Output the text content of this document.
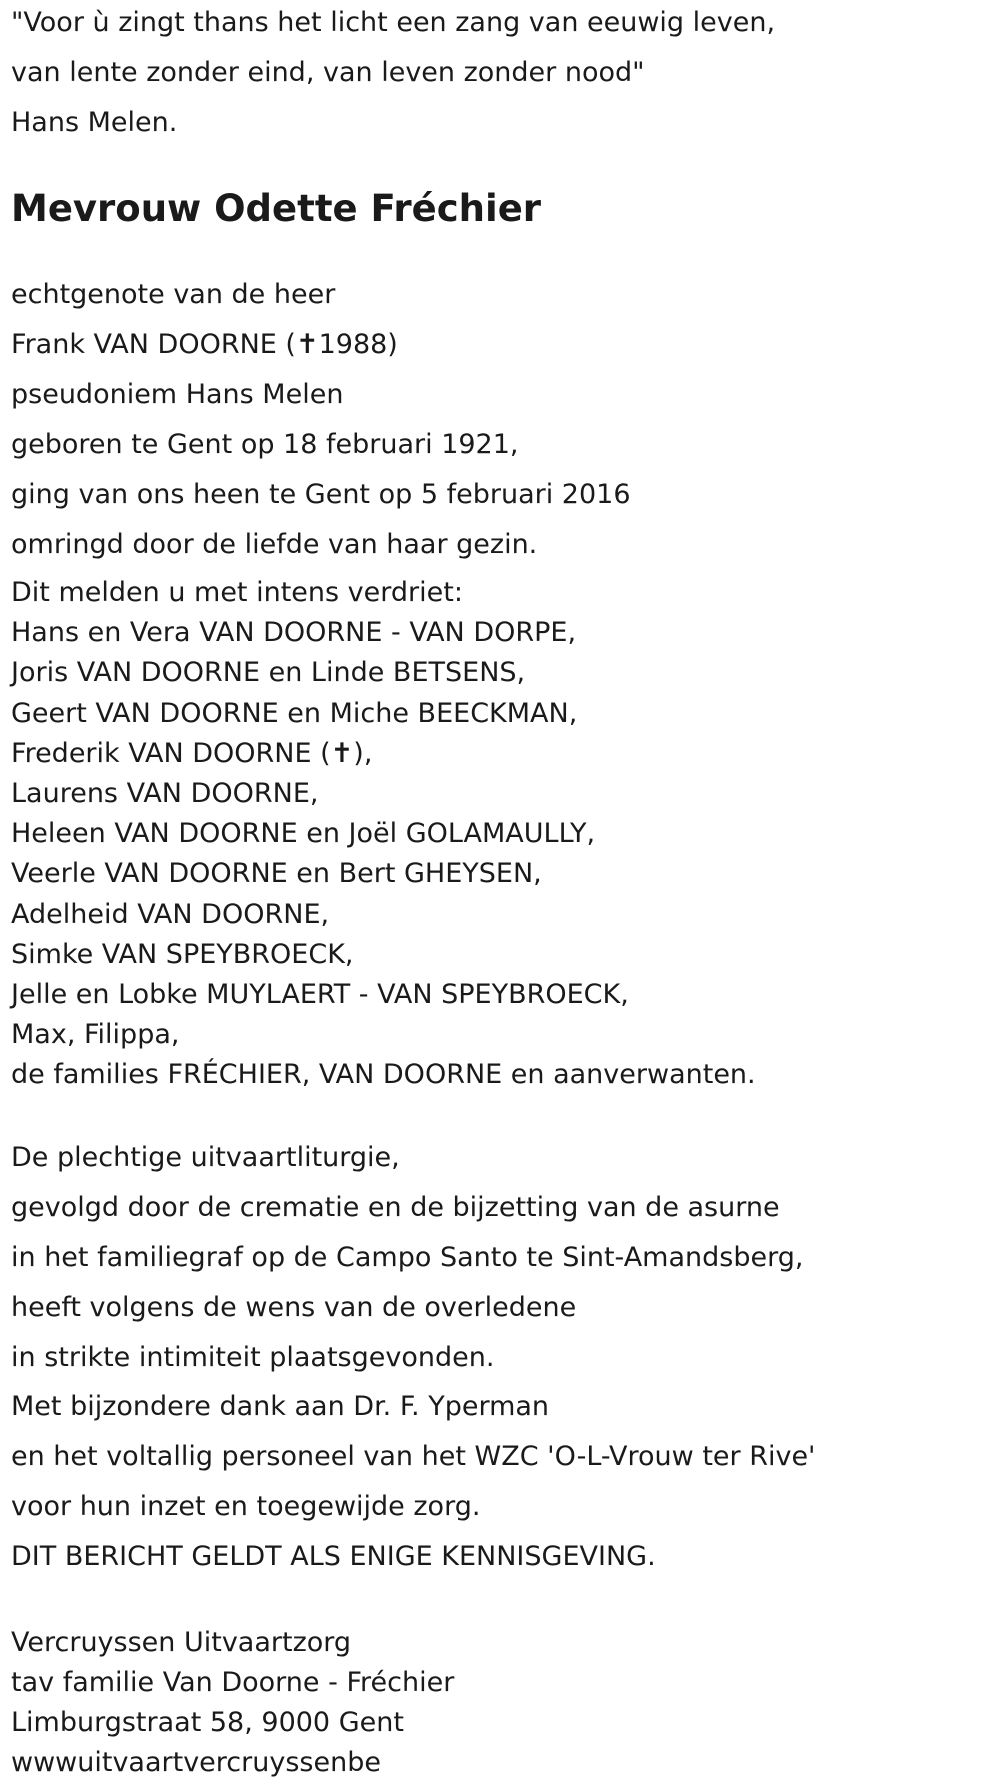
"Voor ù zingt thans het licht een zang van eeuwig leven,
van lente zonder eind, van leven zonder nood"
Hans Melen.
Mevrouw Odette Fréchier
echtgenote van de heer
Frank VAN DOORNE (✝1988)
pseudoniem Hans Melen
geboren te Gent op 18 februari 1921,
ging van ons heen te Gent op 5 februari 2016
omringd door de liefde van haar gezin.
Dit melden u met intens verdriet:
Hans en Vera VAN DOORNE - VAN DORPE,
Joris VAN DOORNE en Linde BETSENS,
Geert VAN DOORNE en Miche BEECKMAN,
Frederik VAN DOORNE (✝),
Laurens VAN DOORNE,
Heleen VAN DOORNE en Joël GOLAMAULLY,
Veerle VAN DOORNE en Bert GHEYSEN,
Adelheid VAN DOORNE,
Simke VAN SPEYBROECK,
Jelle en Lobke MUYLAERT - VAN SPEYBROECK,
Max, Filippa,
de families FRÉCHIER, VAN DOORNE en aanverwanten.
De plechtige uitvaartliturgie,
gevolgd door de crematie en de bijzetting van de asurne
in het familiegraf op de Campo Santo te Sint-Amandsberg,
heeft volgens de wens van de overledene
in strikte intimiteit plaatsgevonden.
Met bijzondere dank aan Dr. F. Yperman
en het voltallig personeel van het WZC 'O-L-Vrouw ter Rive'
voor hun inzet en toegewijde zorg.
DIT BERICHT GELDT ALS ENIGE KENNISGEVING.
Vercruyssen Uitvaartzorg
tav familie Van Doorne - Fréchier
Limburgstraat 58, 9000 Gent
wwwuitvaartvercruyssenbe
